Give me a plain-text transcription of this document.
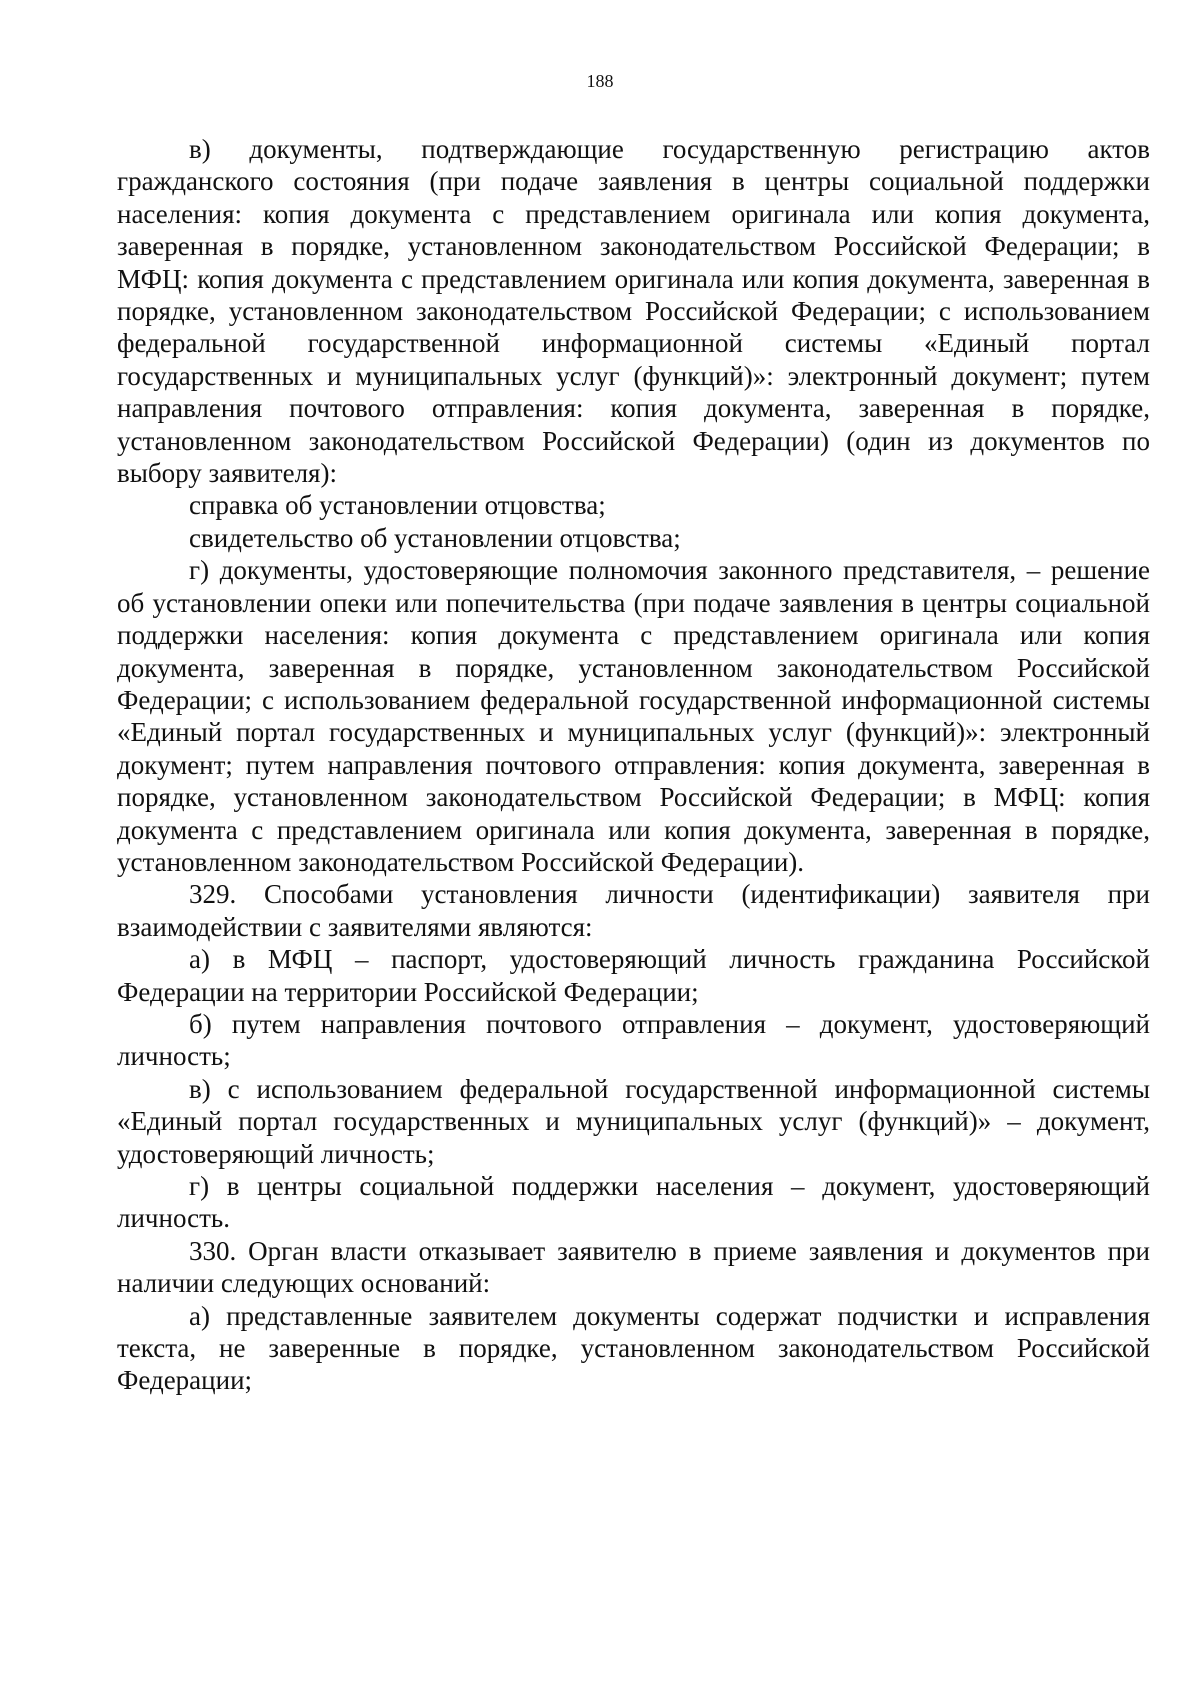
188

в) документы, подтверждающие государственную регистрацию актов гражданского состояния (при подаче заявления в центры социальной поддержки населения: копия документа с представлением оригинала или копия документа, заверенная в порядке, установленном законодательством Российской Федерации; в МФЦ: копия документа с представлением оригинала или копия документа, заверенная в порядке, установленном законодательством Российской Федерации; с использованием федеральной государственной информационной системы «Единый портал государственных и муниципальных услуг (функций)»: электронный документ; путем направления почтового отправления: копия документа, заверенная в порядке, установленном законодательством Российской Федерации) (один из документов по выбору заявителя):

справка об установлении отцовства;

свидетельство об установлении отцовства;

г) документы, удостоверяющие полномочия законного представителя, – решение об установлении опеки или попечительства (при подаче заявления в центры социальной поддержки населения: копия документа с представлением оригинала или копия документа, заверенная в порядке, установленном законодательством Российской Федерации; с использованием федеральной государственной информационной системы «Единый портал государственных и муниципальных услуг (функций)»: электронный документ; путем направления почтового отправления: копия документа, заверенная в порядке, установленном законодательством Российской Федерации; в МФЦ: копия документа с представлением оригинала или копия документа, заверенная в порядке, установленном законодательством Российской Федерации).

329. Способами установления личности (идентификации) заявителя при взаимодействии с заявителями являются:

а) в МФЦ – паспорт, удостоверяющий личность гражданина Российской Федерации на территории Российской Федерации;

б) путем направления почтового отправления – документ, удостоверяющий личность;

в) с использованием федеральной государственной информационной системы «Единый портал государственных и муниципальных услуг (функций)» – документ, удостоверяющий личность;

г) в центры социальной поддержки населения – документ, удостоверяющий личность.

330. Орган власти отказывает заявителю в приеме заявления и документов при наличии следующих оснований:

а) представленные заявителем документы содержат подчистки и исправления текста, не заверенные в порядке, установленном законодательством Российской Федерации;
